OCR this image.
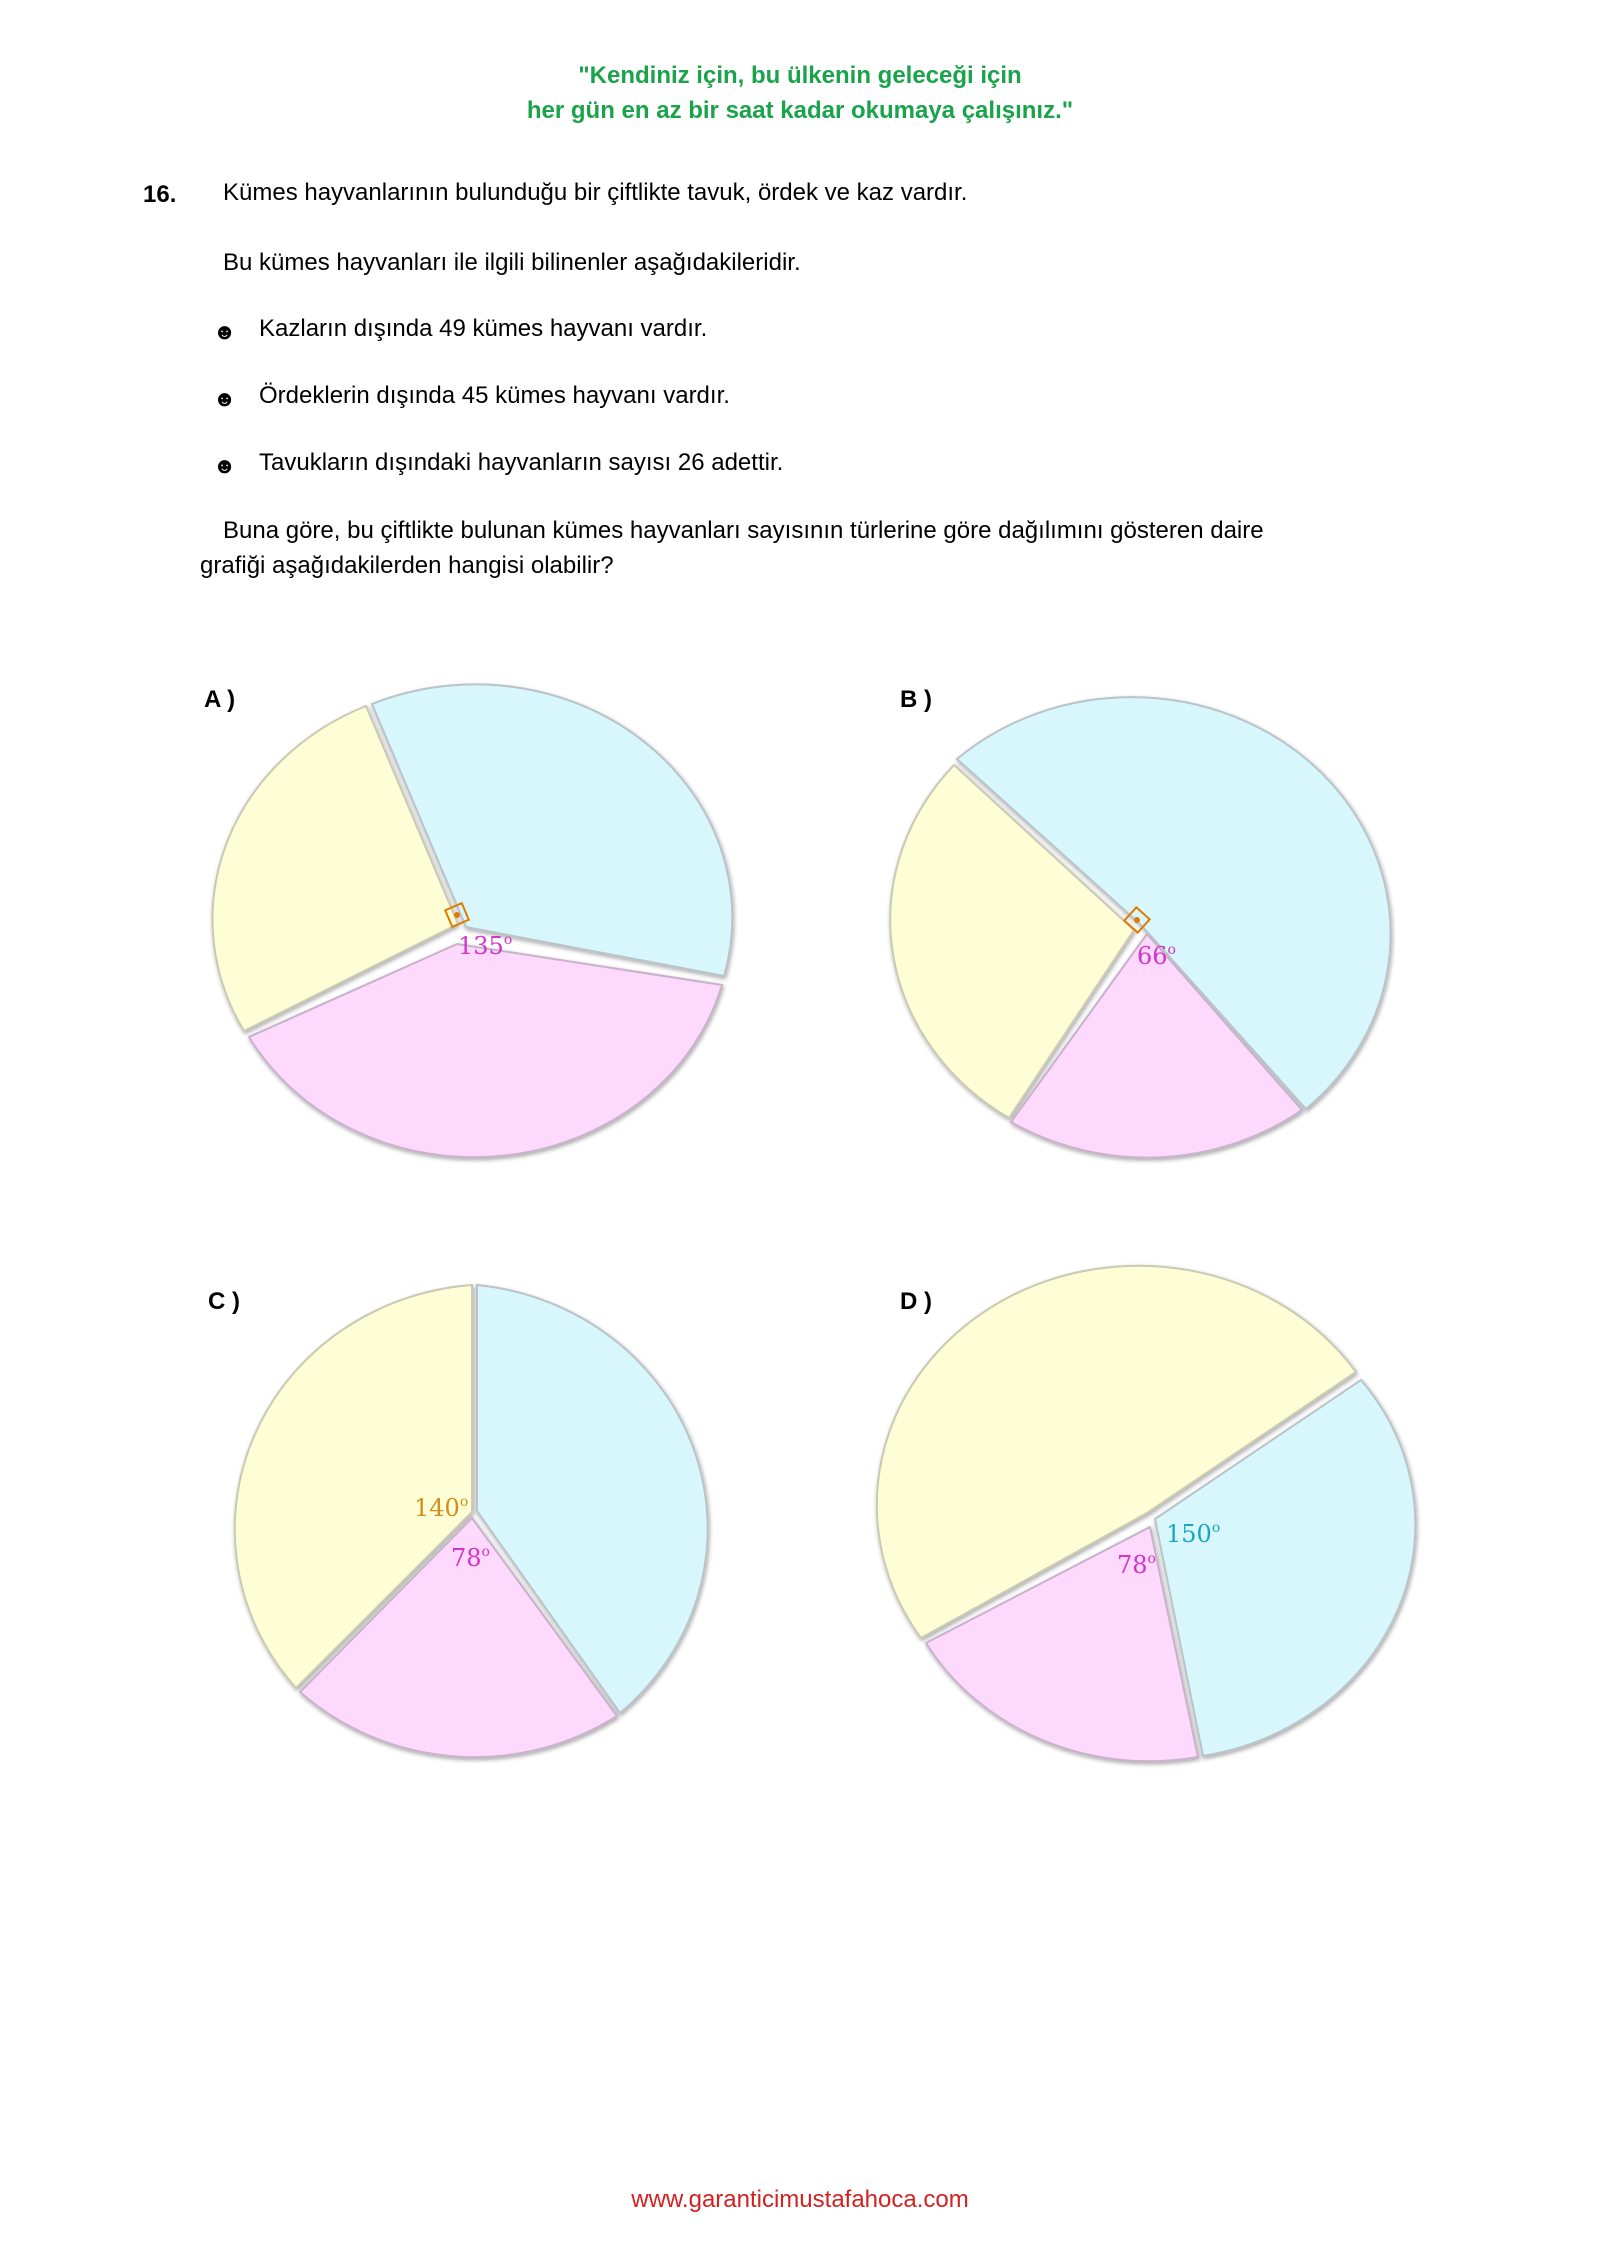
"Kendiniz için, bu ülkenin geleceği için
her gün en az bir saat kadar okumaya çalışınız."
16. Kümes hayvanlarının bulunduğu bir çiftlikte tavuk, ördek ve kaz vardır.
Bu kümes hayvanları ile ilgili bilinenler aşağıdakileridir.
☻ Kazların dışında 49 kümes hayvanı vardır.
☻ Ördeklerin dışında 45 kümes hayvanı vardır.
☻ Tavukların dışındaki hayvanların sayısı 26 adettir.
Buna göre, bu çiftlikte bulunan kümes hayvanları sayısının türlerine göre dağılımını gösteren daire
grafiği aşağıdakilerden hangisi olabilir?
A )	B )
C )	D )
135$^o$
66$^o$
140$^o$
78$^o$	78$^o$
150$^o$
www.garanticimustafahoca.com
